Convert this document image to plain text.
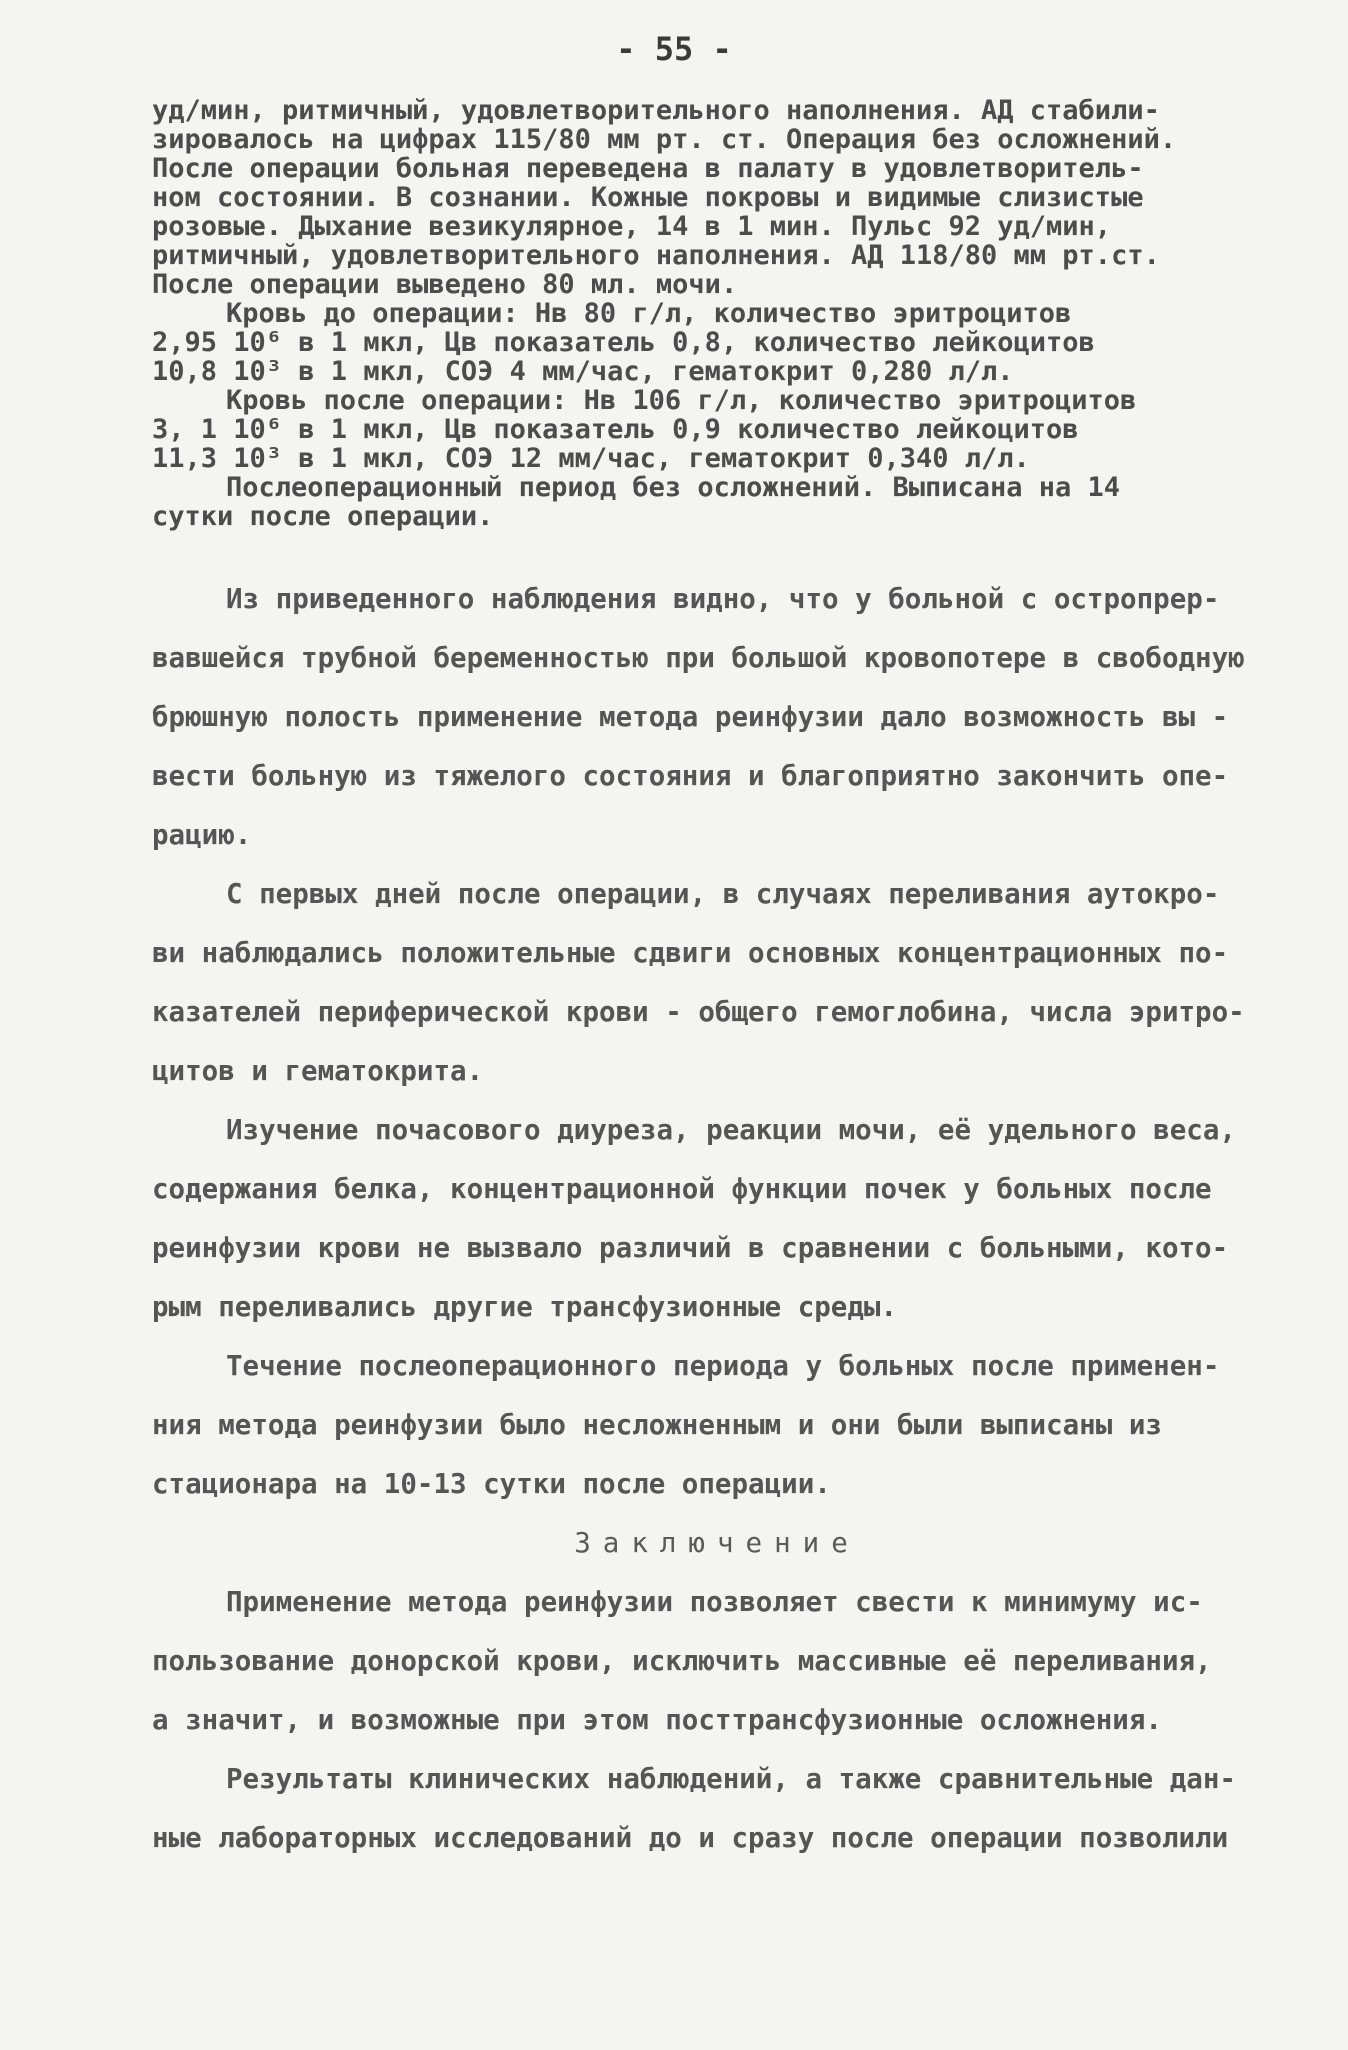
- 55 -
уд/мин, ритмичный, удовлетворительного наполнения. АД стабили-
зировалось на цифрах 115/80 мм рт. ст. Операция без осложнений.
После операции больная переведена в палату в удовлетворитель-
ном состоянии. В сознании. Кожные покровы и видимые слизистые
розовые. Дыхание везикулярное, 14 в 1 мин. Пульс 92 уд/мин,
ритмичный, удовлетворительного наполнения. АД 118/80 мм рт.ст.
После операции выведено 80 мл. мочи.
Кровь до операции: Нв 80 г/л, количество эритроцитов
2,95 10⁶ в 1 мкл, Цв показатель 0,8, количество лейкоцитов
10,8 10³ в 1 мкл, СОЭ 4 мм/час, гематокрит 0,280 л/л.
Кровь после операции: Нв 106 г/л, количество эритроцитов
3, 1 10⁶ в 1 мкл, Цв показатель 0,9 количество лейкоцитов
11,3 10³ в 1 мкл, СОЭ 12 мм/час, гематокрит 0,340 л/л.
Послеоперационный период без осложнений. Выписана на 14
сутки после операции.
Из приведенного наблюдения видно, что у больной с остропрер-
вавшейся трубной беременностью при большой кровопотере в свободную
брюшную полость применение метода реинфузии дало возможность вы -
вести больную из тяжелого состояния и благоприятно закончить опе-
рацию.
С первых дней после операции, в случаях переливания аутокро-
ви наблюдались положительные сдвиги основных концентрационных по-
казателей периферической крови - общего гемоглобина, числа эритро-
цитов и гематокрита.
Изучение почасового диуреза, реакции мочи, её удельного веса,
содержания белка, концентрационной функции почек у больных после
реинфузии крови не вызвало различий в сравнении с больными, кото-
рым переливались другие трансфузионные среды.
Течение послеоперационного периода у больных после применен-
ния метода реинфузии было несложненным и они были выписаны из
стационара на 10-13 сутки после операции.
Заключение
Применение метода реинфузии позволяет свести к минимуму ис-
пользование донорской крови, исключить массивные её переливания,
а значит, и возможные при этом посттрансфузионные осложнения.
Результаты клинических наблюдений, а также сравнительные дан-
ные лабораторных исследований до и сразу после операции позволили
